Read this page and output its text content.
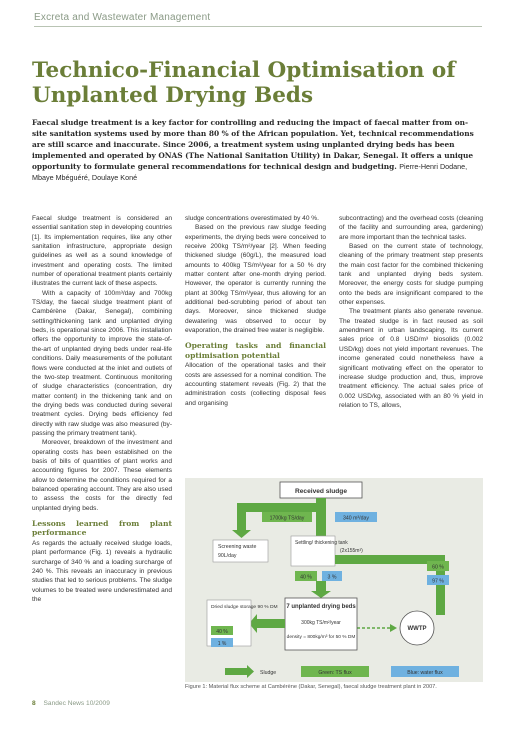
Excreta and Wastewater Management
Technico-Financial Optimisation of
Unplanted Drying Beds

Faecal sludge treatment is a key factor for controlling and reducing the impact of faecal matter from on-site sanitation systems used by more than 80 % of the African population. Yet, technical recommendations are still scarce and inaccurate. Since 2006, a treatment system using unplanted drying beds has been implemented and operated by ONAS (The National Sanitation Utility) in Dakar, Senegal. It offers a unique opportunity to formulate general recommendations for technical design and budgeting. Pierre-Henri Dodane, Mbaye Mbéguéré, Doulaye Koné

Faecal sludge treatment is considered an essential sanitation step in developing countries [1]. Its implementation requires, like any other sanitation infrastructure, appropriate design guidelines as well as a sound knowledge of investment and operating costs. The limited number of operational treatment plants certainly illustrates the current lack of these aspects.

With a capacity of 100m³/day and 700kg TS/day, the faecal sludge treatment plant of Cambérène (Dakar, Senegal), combining settling/thickening tank and unplanted drying beds, is operational since 2006. This installation offers the opportunity to improve the state-of-the-art of unplanted drying beds under real-life conditions. Daily measurements of the pollutant flows were conducted at the inlet and outlets of the two-step treatment. Continuous monitoring of sludge characteristics (concentration, dry matter content) in the thickening tank and on the drying beds was conducted during several treatment cycles. Drying beds efficiency fed directly with raw sludge was also measured (by-passing the primary treatment tank).

Moreover, breakdown of the investment and operating costs has been established on the basis of bills of quantities of plant works and accounting figures for 2007. These elements allow to determine the conditions required for a balanced operating account. They are also used to assess the costs for the directly fed unplanted drying beds.

Lessons learned from plant performance

As regards the actually received sludge loads, plant performance (Fig. 1) reveals a hydraulic surcharge of 340 % and a loading surcharge of 240 %. This reveals an inaccuracy in previous studies that led to serious problems. The sludge volumes to be treated were underestimated and the

sludge concentrations overestimated by 40 %.

Based on the previous raw sludge feeding experiments, the drying beds were conceived to receive 200kg TS/m²/year [2]. When feeding thickened sludge (60g/L), the measured load amounts to 400kg TS/m²/year for a 50 % dry matter content after one-month drying period. However, the operator is currently running the plant at 300kg TS/m²/year, thus allowing for an additional bed-scrubbing period of about ten days. Moreover, since thickened sludge dewatering was observed to occur by evaporation, the drained free water is negligible.

Operating tasks and financial optimisation potential

Allocation of the operational tasks and their costs are assessed for a nominal condition. The accounting statement reveals (Fig. 2) that the administration costs (collecting disposal fees and organising

subcontracting) and the overhead costs (cleaning of the facility and surrounding area, gardening) are more important than the technical tasks.

Based on the current state of technology, cleaning of the primary treatment step presents the main cost factor for the combined thickening tank and unplanted drying beds system. Moreover, the energy costs for sludge pumping onto the beds are insignificant compared to the other expenses.

The treatment plants also generate revenue. The treated sludge is in fact reused as soil amendment in urban landscaping. Its current sales price of 0.8 USD/m³ biosolids (0.002 USD/kg) does not yield important revenues. The income generated could nonetheless have a significant motivating effect on the operator to increase sludge production and, thus, improve treatment efficiency. The actual sales price of 0.002 USD/kg, associated with an 80 % yield in relation to TS, allows,

Received sludge
1700kg TS/day	340 m³/day
Screening waste
90L/day
Settling/ thickening tank
(2x155m³)
40 %	3 %
60 %
97 %
WWTP
7 unplanted drying beds
300kg TS/m²/year
density = 800kg/m³ for 50 % DM
Dried sludge storage 90 % DM
40 %
1 %
Sludge	Green: TS flux	Blue: water flux
Figure 1: Material flux scheme at Cambérène (Dakar, Senegal), faecal sludge treatment plant in 2007.
8 Sandec News 10/2009
